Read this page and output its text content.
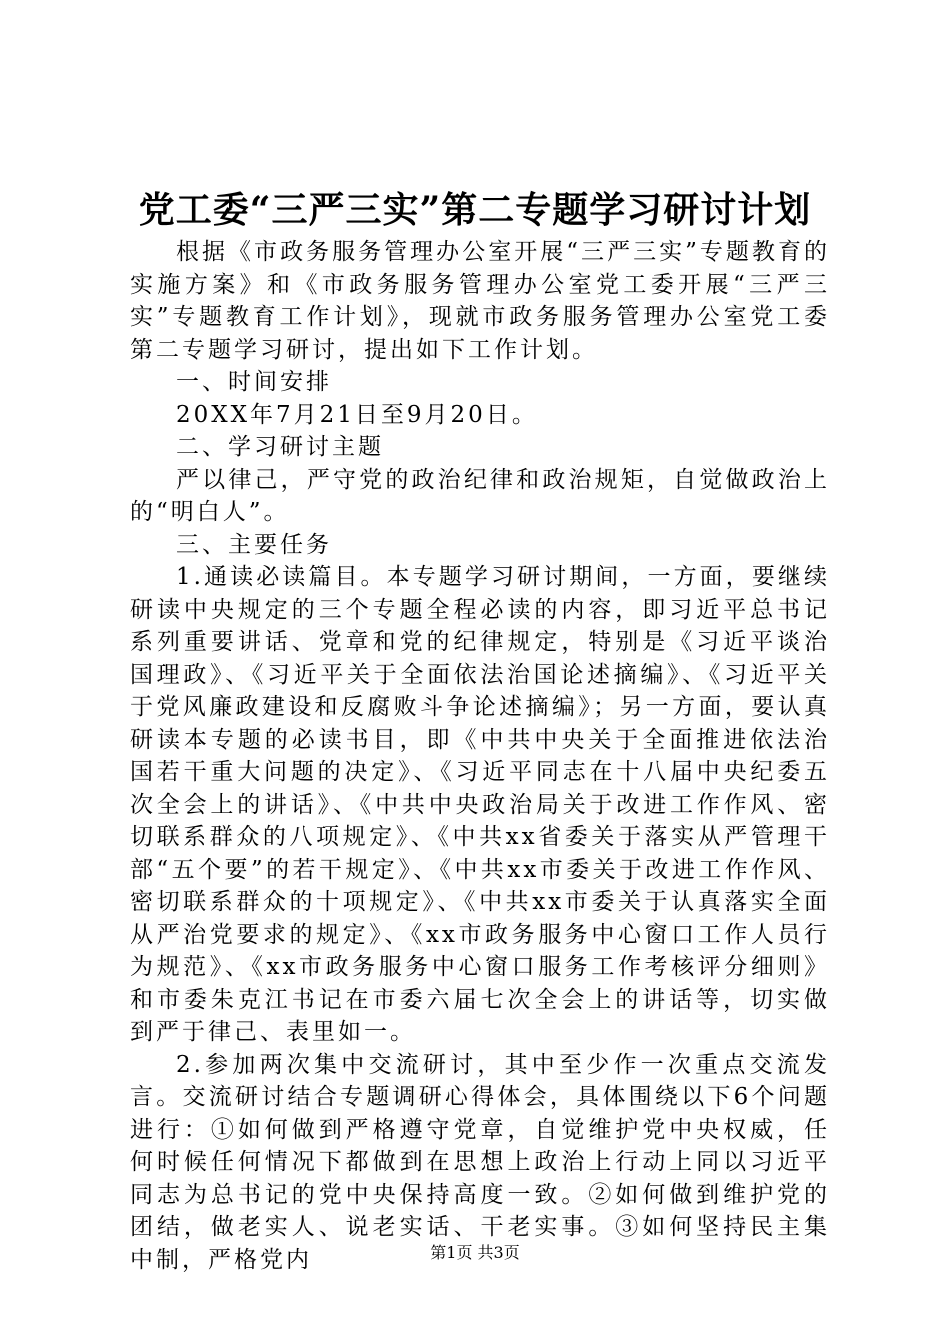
党工委“三严三实”第二专题学习研讨计划

根据《市政务服务管理办公室开展“三严三实”专题教育的实施方案》和《市政务服务管理办公室党工委开展“三严三实”专题教育工作计划》，现就市政务服务管理办公室党工委第二专题学习研讨，提出如下工作计划。

一、时间安排

20XX年7月21日至9月20日。

二、学习研讨主题

严以律己，严守党的政治纪律和政治规矩，自觉做政治上的“明白人”。

三、主要任务

1.通读必读篇目。本专题学习研讨期间，一方面，要继续研读中央规定的三个专题全程必读的内容，即习近平总书记系列重要讲话、党章和党的纪律规定，特别是《习近平谈治国理政》、《习近平关于全面依法治国论述摘编》、《习近平关于党风廉政建设和反腐败斗争论述摘编》；另一方面，要认真研读本专题的必读书目，即《中共中央关于全面推进依法治国若干重大问题的决定》、《习近平同志在十八届中央纪委五次全会上的讲话》、《中共中央政治局关于改进工作作风、密切联系群众的八项规定》、《中共xx省委关于落实从严管理干部“五个要”的若干规定》、《中共xx市委关于改进工作作风、密切联系群众的十项规定》、《中共xx市委关于认真落实全面从严治党要求的规定》、《xx市政务服务中心窗口工作人员行为规范》、《xx市政务服务中心窗口服务工作考核评分细则》和市委朱克江书记在市委六届七次全会上的讲话等，切实做到严于律己、表里如一。

2.参加两次集中交流研讨，其中至少作一次重点交流发言。交流研讨结合专题调研心得体会，具体围绕以下6个问题进行：①如何做到严格遵守党章，自觉维护党中央权威，任何时候任何情况下都做到在思想上政治上行动上同以习近平同志为总书记的党中央保持高度一致。②如何做到维护党的团结，做老实人、说老实话、干老实事。③如何坚持民主集中制，严格党内	第1页 共3页
